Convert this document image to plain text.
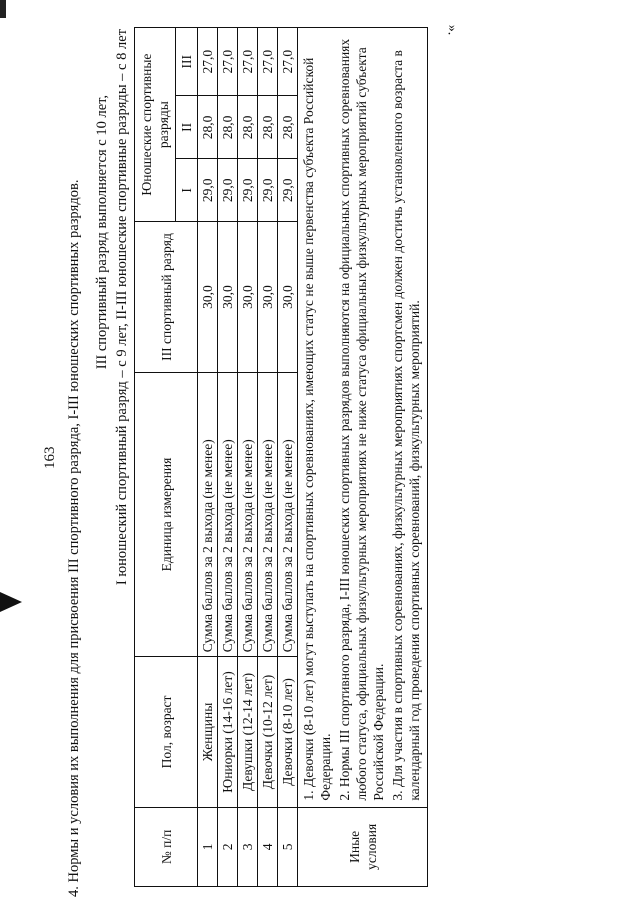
».
163 4. Нормы и условия их выполнения для присвоения III спортивного разряда, I-III юношеских спортивных разрядов. III спортивный разряд выполняется с 10 лет, I юношеский спортивный разряд – с 9 лет, II-III юношеские спортивные разряды – с 8 лет
№ п/п	Пол, возраст	Единица измерения	III спортивный разряд	Юношеские спортивные разряды		
				I	II	III
1	Женщины	Сумма баллов за 2 выхода (не менее)	30,0	29,0	28,0	27,0
2	Юниорки (14-16 лет)	Сумма баллов за 2 выхода (не менее)	30,0	29,0	28,0	27,0
3	Девушки (12-14 лет)	Сумма баллов за 2 выхода (не менее)	30,0	29,0	28,0	27,0
4	Девочки (10-12 лет)	Сумма баллов за 2 выхода (не менее)	30,0	29,0	28,0	27,0
5	Девочки (8-10 лет)	Сумма баллов за 2 выхода (не менее)	30,0	29,0	28,0	27,0
Иные условия	1. Девочки (8-10 лет) могут выступать на спортивных соревнованиях, имеющих статус не выше первенства субъекта Российской Федерации. 2. Нормы III спортивного разряда, I-III юношеских спортивных разрядов выполняются на официальных спортивных соревнованиях любого статуса, официальных физкультурных мероприятиях не ниже статуса официальных физкультурных мероприятий субъекта Российской Федерации. 3. Для участия в спортивных соревнованиях, физкультурных мероприятиях спортсмен должен достичь установленного возраста в календарный год проведения спортивных соревнований, физкультурных мероприятий.					
